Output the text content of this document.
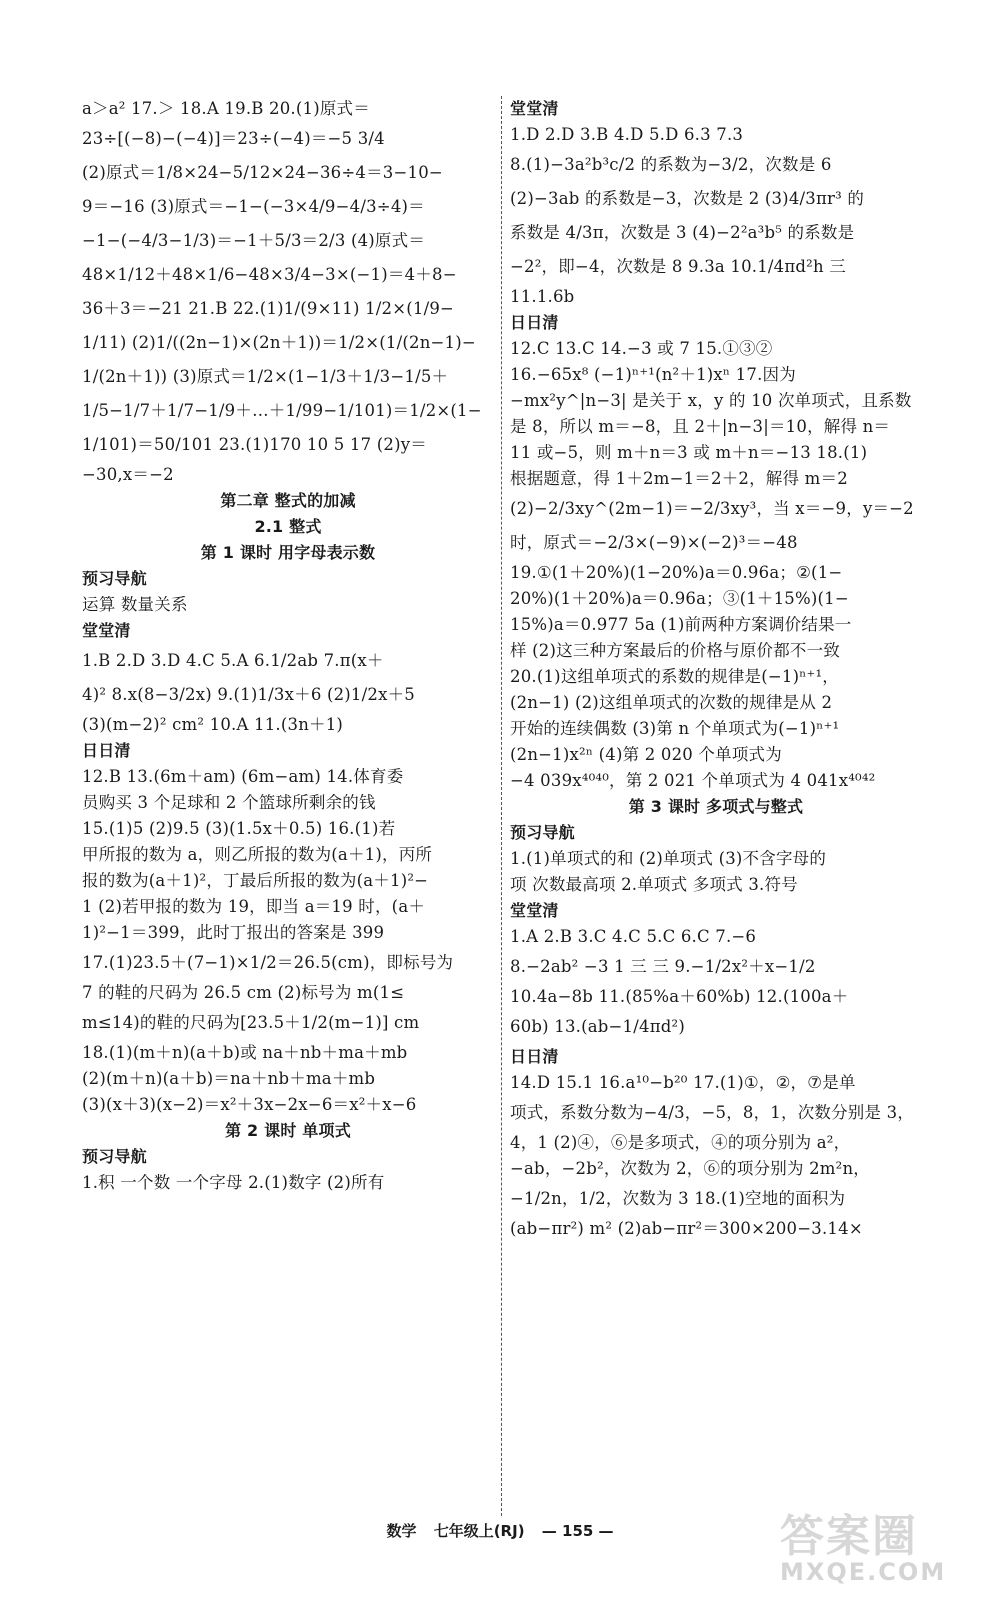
a＞a² 17.＞ 18.A 19.B 20.(1)原式＝
23÷[(−8)−(−4)]＝23÷(−4)＝−5 3/4
(2)原式＝1/8×24−5/12×24−36÷4＝3−10−
9＝−16 (3)原式＝−1−(−3×4/9−4/3÷4)＝
−1−(−4/3−1/3)＝−1＋5/3＝2/3 (4)原式＝
48×1/12＋48×1/6−48×3/4−3×(−1)＝4＋8−
36＋3＝−21 21.B 22.(1)1/(9×11) 1/2×(1/9−
1/11) (2)1/((2n−1)×(2n＋1))＝1/2×(1/(2n−1)−
1/(2n＋1)) (3)原式＝1/2×(1−1/3＋1/3−1/5＋
1/5−1/7＋1/7−1/9＋…＋1/99−1/101)＝1/2×(1−
1/101)＝50/101 23.(1)170 10 5 17 (2)y＝
−30,x＝−2
第二章 整式的加减
2.1 整式
第 1 课时 用字母表示数
预习导航
运算 数量关系
堂堂清
1.B 2.D 3.D 4.C 5.A 6.1/2ab 7.π(x＋
4)² 8.x(8−3/2x) 9.(1)1/3x＋6 (2)1/2x＋5
(3)(m−2)² cm² 10.A 11.(3n＋1)
日日清
12.B 13.(6m＋am) (6m−am) 14.体育委
员购买 3 个足球和 2 个篮球所剩余的钱
15.(1)5 (2)9.5 (3)(1.5x＋0.5) 16.(1)若
甲所报的数为 a，则乙所报的数为(a＋1)，丙所
报的数为(a＋1)²，丁最后所报的数为(a＋1)²−
1 (2)若甲报的数为 19，即当 a＝19 时，(a＋
1)²−1＝399，此时丁报出的答案是 399
17.(1)23.5＋(7−1)×1/2＝26.5(cm)，即标号为
7 的鞋的尺码为 26.5 cm (2)标号为 m(1≤
m≤14)的鞋的尺码为[23.5＋1/2(m−1)] cm
18.(1)(m＋n)(a＋b)或 na＋nb＋ma＋mb
(2)(m＋n)(a＋b)＝na＋nb＋ma＋mb
(3)(x＋3)(x−2)＝x²＋3x−2x−6＝x²＋x−6
第 2 课时 单项式
预习导航
1.积 一个数 一个字母 2.(1)数字 (2)所有
堂堂清
1.D 2.D 3.B 4.D 5.D 6.3 7.3
8.(1)−3a²b³c/2 的系数为−3/2，次数是 6
(2)−3ab 的系数是−3，次数是 2 (3)4/3πr³ 的
系数是 4/3π，次数是 3 (4)−2²a³b⁵ 的系数是
−2²，即−4，次数是 8 9.3a 10.1/4πd²h 三
11.1.6b
日日清
12.C 13.C 14.−3 或 7 15.①③②
16.−65x⁸ (−1)ⁿ⁺¹(n²＋1)xⁿ 17.因为
−mx²y^|n−3| 是关于 x，y 的 10 次单项式，且系数
是 8，所以 m＝−8，且 2＋|n−3|＝10，解得 n＝
11 或−5，则 m＋n＝3 或 m＋n＝−13 18.(1)
根据题意，得 1＋2m−1＝2＋2，解得 m＝2
(2)−2/3xy^(2m−1)＝−2/3xy³，当 x＝−9，y＝−2
时，原式＝−2/3×(−9)×(−2)³＝−48
19.①(1＋20%)(1−20%)a＝0.96a；②(1−
20%)(1＋20%)a＝0.96a；③(1＋15%)(1−
15%)a＝0.977 5a (1)前两种方案调价结果一
样 (2)这三种方案最后的价格与原价都不一致
20.(1)这组单项式的系数的规律是(−1)ⁿ⁺¹，
(2n−1) (2)这组单项式的次数的规律是从 2
开始的连续偶数 (3)第 n 个单项式为(−1)ⁿ⁺¹
(2n−1)x²ⁿ (4)第 2 020 个单项式为
−4 039x⁴⁰⁴⁰，第 2 021 个单项式为 4 041x⁴⁰⁴²
第 3 课时 多项式与整式
预习导航
1.(1)单项式的和 (2)单项式 (3)不含字母的
项 次数最高项 2.单项式 多项式 3.符号
堂堂清
1.A 2.B 3.C 4.C 5.C 6.C 7.−6
8.−2ab² −3 1 三 三 9.−1/2x²＋x−1/2
10.4a−8b 11.(85%a＋60%b) 12.(100a＋
60b) 13.(ab−1/4πd²)
日日清
14.D 15.1 16.a¹⁰−b²⁰ 17.(1)①，②，⑦是单
项式，系数分数为−4/3，−5，8，1，次数分别是 3，
4，1 (2)④，⑥是多项式，④的项分别为 a²，
−ab，−2b²，次数为 2，⑥的项分别为 2m²n，
−1/2n，1/2，次数为 3 18.(1)空地的面积为
(ab−πr²) m² (2)ab−πr²＝300×200−3.14×
数学 七年级上(RJ) — 155 —	答案圈
MXQE.COM
